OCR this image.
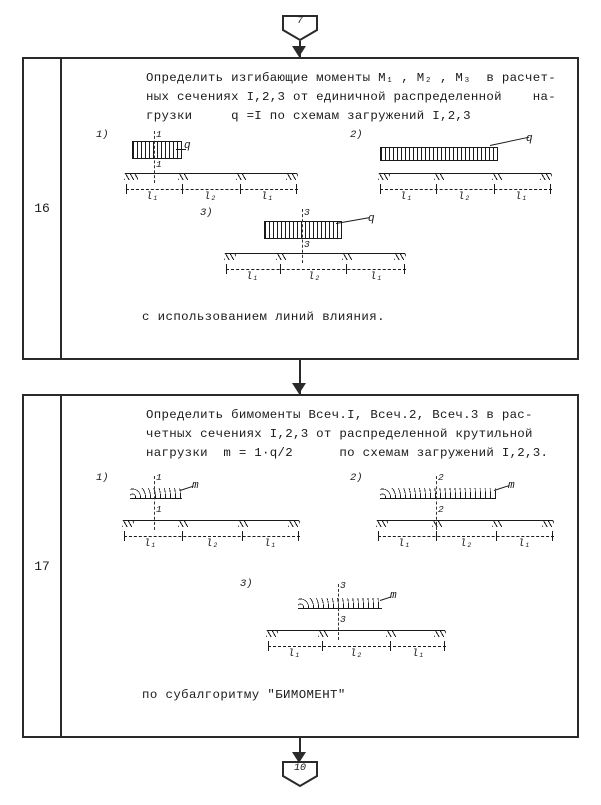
7
16
Определить изгибающие моменты M₁ , M₂ , M₃  в расчет-
ных сечениях I,2,3 от единичной распределенной    на-
грузки     q =I по схемам загружений I,2,3
1)
q
1
1
l₁	l₂	l₁
2)	q
l₁	l₂	l₁
3)	q
3
3
l₁	l₂	l₁
с использованием линий влияния.
17
Определить бимоменты Bсеч.I, Bсеч.2, Bсеч.3 в рас-
четных сечениях I,2,3 от распределенной крутильной
нагрузки  m = 1·q/2      по схемам загружений I,2,3.
1)
m
1
1
l₁	l₂	l₁
2)
m
2
2
l₁	l₂	l₁
3)
m
3
3
l₁	l₂	l₁
по субалгоритму "БИМОМЕНТ"
10
